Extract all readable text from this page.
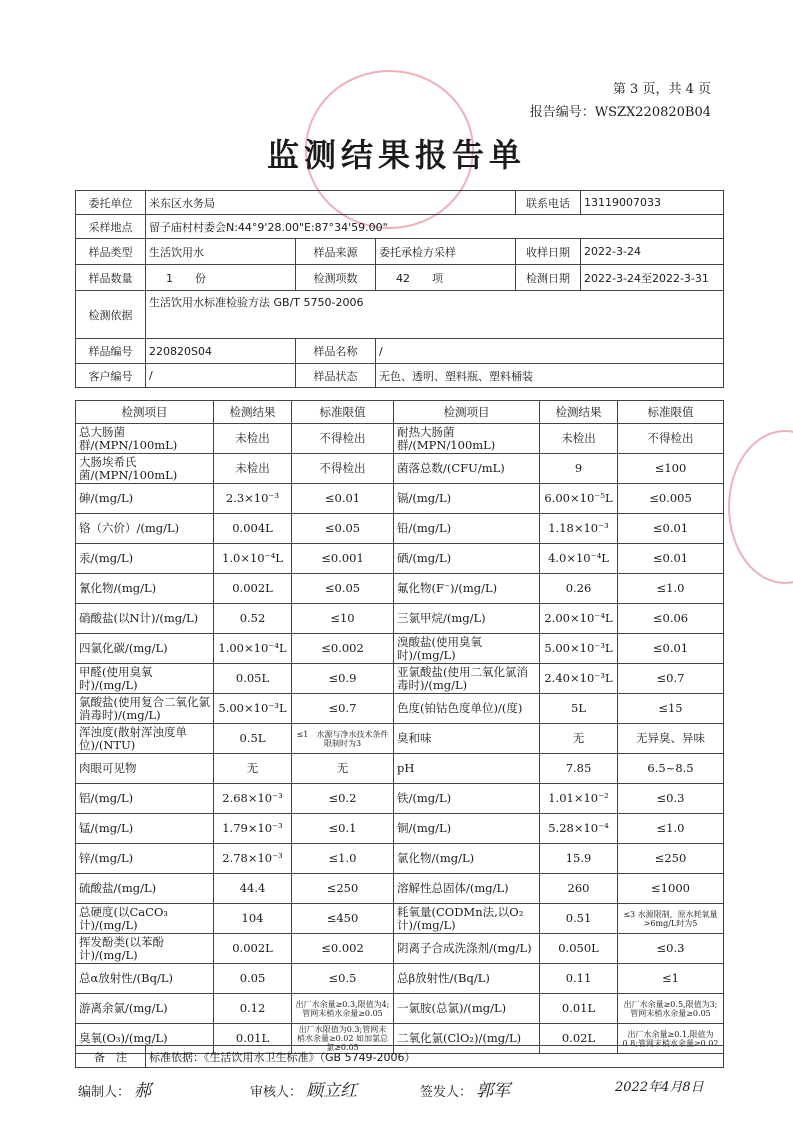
第 3 页，共 4 页
报告编号：WSZX220820B04
监测结果报告单
委托单位	米东区水务局			联系电话	13119007033
采样地点	留子庙村村委会N:44°9'28.00"E:87°34'59.00"				
样品类型	生活饮用水	样品来源	委托承检方采样	收样日期	2022-3-24
样品数量	1　　份	检测项数	42　　项	检测日期	2022-3-24至2022-3-31
检测依据	生活饮用水标准检验方法 GB/T 5750-2006				
样品编号	220820S04	样品名称	/		
客户编号	/	样品状态	无色、透明、塑料瓶、塑料桶装		
检测项目	检测结果	标准限值	检测项目	检测结果	标准限值
总大肠菌群/(MPN/100mL)	未检出	不得检出	耐热大肠菌群/(MPN/100mL)	未检出	不得检出
大肠埃希氏菌/(MPN/100mL)	未检出	不得检出	菌落总数/(CFU/mL)	9	≤100
砷/(mg/L)	2.3×10⁻³	≤0.01	镉/(mg/L)	6.00×10⁻⁵L	≤0.005
铬（六价）/(mg/L)	0.004L	≤0.05	铅/(mg/L)	1.18×10⁻³	≤0.01
汞/(mg/L)	1.0×10⁻⁴L	≤0.001	硒/(mg/L)	4.0×10⁻⁴L	≤0.01
氰化物/(mg/L)	0.002L	≤0.05	氟化物(F⁻)/(mg/L)	0.26	≤1.0
硝酸盐(以N计)/(mg/L)	0.52	≤10	三氯甲烷/(mg/L)	2.00×10⁻⁴L	≤0.06
四氯化碳/(mg/L)	1.00×10⁻⁴L	≤0.002	溴酸盐(使用臭氧时)/(mg/L)	5.00×10⁻³L	≤0.01
甲醛(使用臭氧时)/(mg/L)	0.05L	≤0.9	亚氯酸盐(使用二氧化氯消毒时)/(mg/L)	2.40×10⁻³L	≤0.7
氯酸盐(使用复合二氧化氯消毒时)/(mg/L)	5.00×10⁻³L	≤0.7	色度(铂钴色度单位)/(度)	5L	≤15
浑浊度(散射浑浊度单位)/(NTU)	0.5L	≤1　水源与净水技术条件限制时为3	臭和味	无	无异臭、异味
肉眼可见物	无	无	pH	7.85	6.5~8.5
铝/(mg/L)	2.68×10⁻³	≤0.2	铁/(mg/L)	1.01×10⁻²	≤0.3
锰/(mg/L)	1.79×10⁻³	≤0.1	铜/(mg/L)	5.28×10⁻⁴	≤1.0
锌/(mg/L)	2.78×10⁻³	≤1.0	氯化物/(mg/L)	15.9	≤250
硫酸盐/(mg/L)	44.4	≤250	溶解性总固体/(mg/L)	260	≤1000
总硬度(以CaCO₃ 计)/(mg/L)	104	≤450	耗氧量(CODMn法,以O₂ 计)/(mg/L)	0.51	≤3 水源限制，原水耗氧量>6mg/L时为5
挥发酚类(以苯酚计)/(mg/L)	0.002L	≤0.002	阴离子合成洗涤剂/(mg/L)	0.050L	≤0.3
总α放射性/(Bq/L)	0.05	≤0.5	总β放射性/(Bq/L)	0.11	≤1
游离余氯/(mg/L)	0.12	出厂水余量≥0.3,限值为4;管网末梢水余量≥0.05	一氯胺(总氯)/(mg/L)	0.01L	出厂水余量≥0.5,限值为3;管网末梢水余量≥0.05
臭氧(O₃)/(mg/L)	0.01L	出厂水限值为0.3;管网末梢水余量≥0.02 如加氯总氯≥0.05	二氧化氯(ClO₂)/(mg/L)	0.02L	出厂水余量≥0.1,限值为0.8;管网末梢水余量≥0.02
备　注	标准依据：《生活饮用水卫生标准》（GB 5749-2006）
编制人： 郝	审核人： 顾立红	签发人： 郭军	2022年4月8日
